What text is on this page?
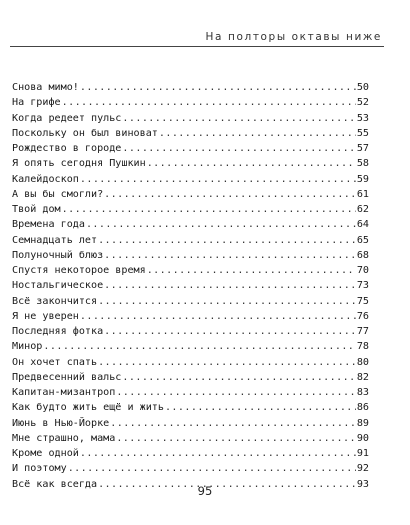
На полторы октавы ниже
Снова мимо! .....	50
На грифе .....	52
Когда редеет пульс .....	53
Поскольку он был виноват .....	55
Рождество в городе .....	57
Я опять сегодня Пушкин .....	58
Калейдоскоп .....	59
А вы бы смогли? .....	61
Твой дом .....	62
Времена года .....	64
Семнадцать лет .....	65
Полуночный блюз .....	68
Спустя некоторое время .....	70
Ностальгическое .....	73
Всё закончится .....	75
Я не уверен .....	76
Последняя фотка .....	77
Минор .....	78
Он хочет спать .....	80
Предвесенний вальс .....	82
Капитан-мизантроп .....	83
Как будто жить ещё и жить .....	86
Июнь в Нью-Йорке .....	89
Мне страшно, мама .....	90
Кроме одной .....	91
И поэтому .....	92
Всё как всегда .....	93
95
